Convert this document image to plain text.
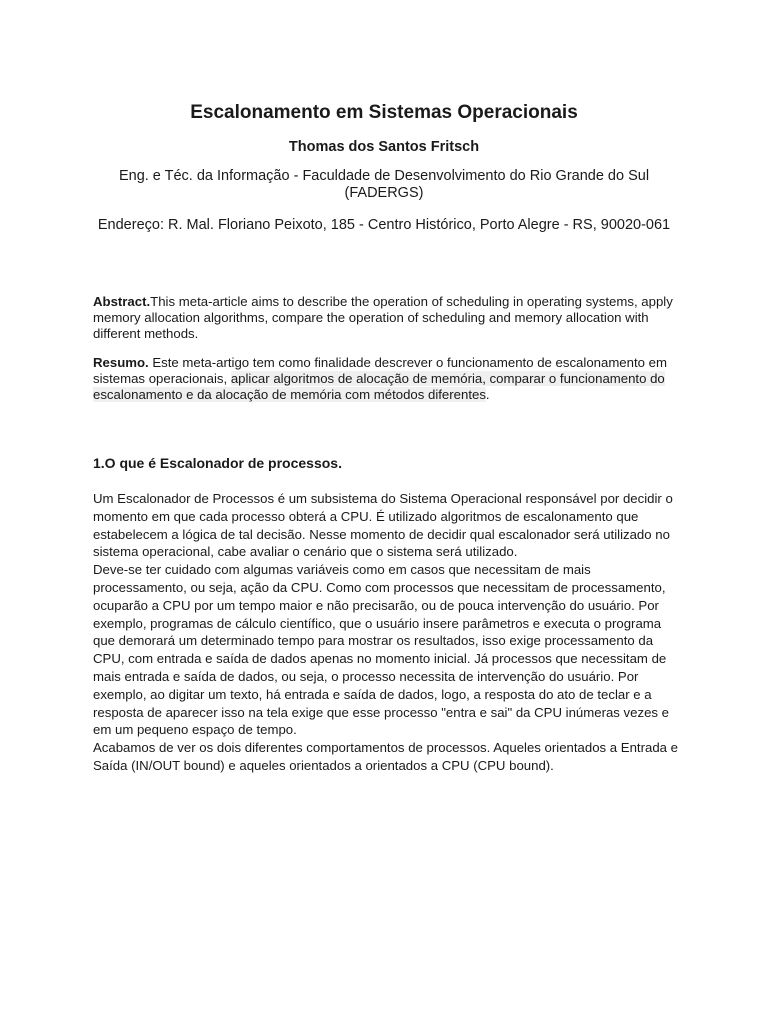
Escalonamento em Sistemas Operacionais
Thomas dos Santos Fritsch
Eng. e Téc. da Informação - Faculdade de Desenvolvimento do Rio Grande do Sul (FADERGS)
Endereço: R. Mal. Floriano Peixoto, 185 - Centro Histórico, Porto Alegre - RS, 90020-061
Abstract.This meta-article aims to describe the operation of scheduling in operating systems, apply memory allocation algorithms, compare the operation of scheduling and memory allocation with different methods.
Resumo. Este meta-artigo tem como finalidade descrever o funcionamento de escalonamento em sistemas operacionais, aplicar algoritmos de alocação de memória, comparar o funcionamento do escalonamento e da alocação de memória com métodos diferentes.
1.O que é Escalonador de processos.

Um Escalonador de Processos é um subsistema do Sistema Operacional responsável por decidir o momento em que cada processo obterá a CPU. É utilizado algoritmos de escalonamento que estabelecem a lógica de tal decisão. Nesse momento de decidir qual escalonador será utilizado no sistema operacional, cabe avaliar o cenário que o sistema será utilizado.

Deve-se ter cuidado com algumas variáveis como em casos que necessitam de mais processamento, ou seja, ação da CPU. Como com processos que necessitam de processamento, ocuparão a CPU por um tempo maior e não precisarão, ou de pouca intervenção do usuário. Por exemplo, programas de cálculo científico, que o usuário insere parâmetros e executa o programa que demorará um determinado tempo para mostrar os resultados, isso exige processamento da CPU, com entrada e saída de dados apenas no momento inicial. Já processos que necessitam de mais entrada e saída de dados, ou seja, o processo necessita de intervenção do usuário. Por exemplo, ao digitar um texto, há entrada e saída de dados, logo, a resposta do ato de teclar e a resposta de aparecer isso na tela exige que esse processo "entra e sai" da CPU inúmeras vezes e em um pequeno espaço de tempo.

Acabamos de ver os dois diferentes comportamentos de processos. Aqueles orientados a Entrada e Saída (IN/OUT bound) e aqueles orientados a orientados a CPU (CPU bound).
